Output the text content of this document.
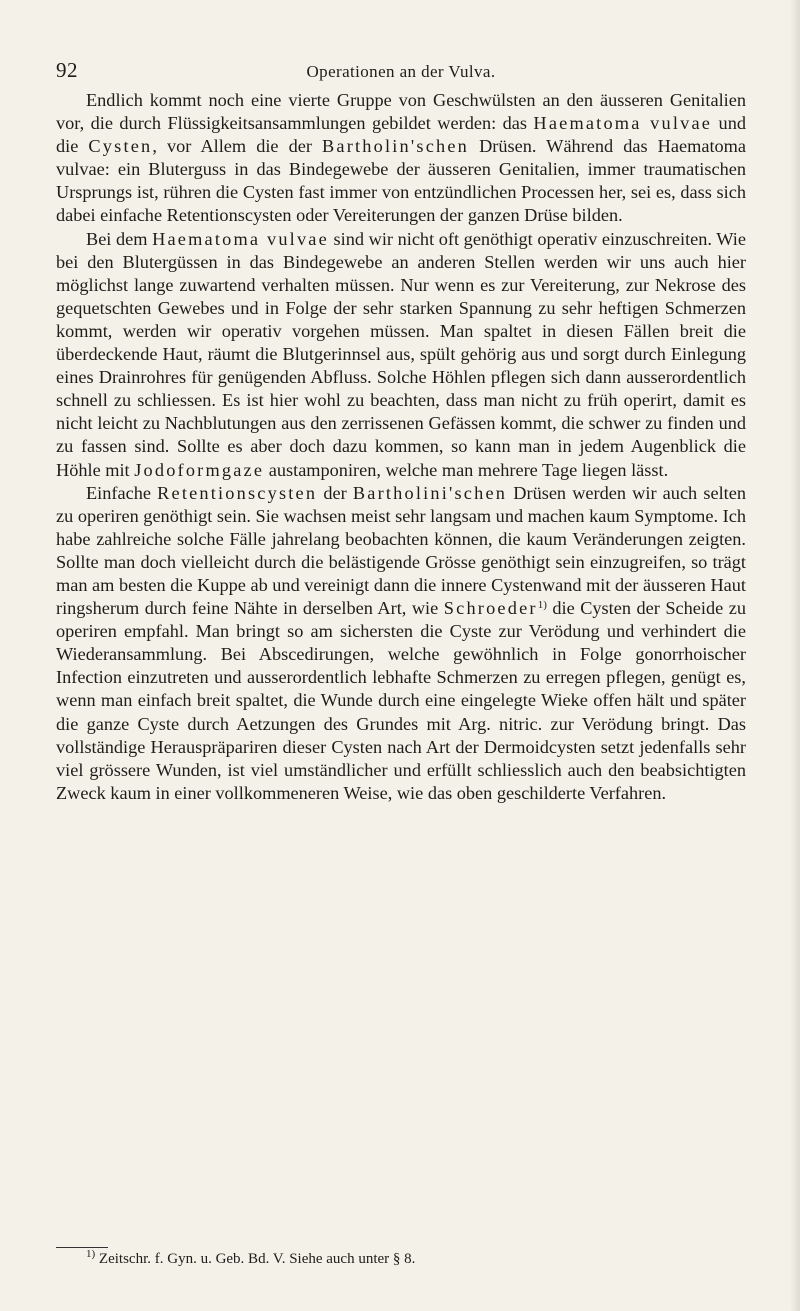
92	Operationen an der Vulva.

Endlich kommt noch eine vierte Gruppe von Geschwülsten an den äusseren Genitalien vor, die durch Flüssigkeitsansammlungen gebildet werden: das Haematoma vulvae und die Cysten, vor Allem die der Bartholin'schen Drüsen. Während das Haematoma vulvae: ein Bluterguss in das Bindegewebe der äusseren Genitalien, immer traumatischen Ursprungs ist, rühren die Cysten fast immer von entzündlichen Processen her, sei es, dass sich dabei einfache Retentionscysten oder Vereiterungen der ganzen Drüse bilden.

Bei dem Haematoma vulvae sind wir nicht oft genöthigt operativ einzuschreiten. Wie bei den Blutergüssen in das Bindegewebe an anderen Stellen werden wir uns auch hier möglichst lange zuwartend verhalten müssen. Nur wenn es zur Vereiterung, zur Nekrose des gequetschten Gewebes und in Folge der sehr starken Spannung zu sehr heftigen Schmerzen kommt, werden wir operativ vorgehen müssen. Man spaltet in diesen Fällen breit die überdeckende Haut, räumt die Blutgerinnsel aus, spült gehörig aus und sorgt durch Einlegung eines Drainrohres für genügenden Abfluss. Solche Höhlen pflegen sich dann ausserordentlich schnell zu schliessen. Es ist hier wohl zu beachten, dass man nicht zu früh operirt, damit es nicht leicht zu Nachblutungen aus den zerrissenen Gefässen kommt, die schwer zu finden und zu fassen sind. Sollte es aber doch dazu kommen, so kann man in jedem Augenblick die Höhle mit Jodoformgaze austamponiren, welche man mehrere Tage liegen lässt.

Einfache Retentionscysten der Bartholini'schen Drüsen werden wir auch selten zu operiren genöthigt sein. Sie wachsen meist sehr langsam und machen kaum Symptome. Ich habe zahlreiche solche Fälle jahrelang beobachten können, die kaum Veränderungen zeigten. Sollte man doch vielleicht durch die belästigende Grösse genöthigt sein einzugreifen, so trägt man am besten die Kuppe ab und vereinigt dann die innere Cystenwand mit der äusseren Haut ringsherum durch feine Nähte in derselben Art, wie Schroeder$^{1)}$ die Cysten der Scheide zu operiren empfahl. Man bringt so am sichersten die Cyste zur Verödung und verhindert die Wiederansammlung. Bei Abscedirungen, welche gewöhnlich in Folge gonorrhoischer Infection einzutreten und ausserordentlich lebhafte Schmerzen zu erregen pflegen, genügt es, wenn man einfach breit spaltet, die Wunde durch eine eingelegte Wieke offen hält und später die ganze Cyste durch Aetzungen des Grundes mit Arg. nitric. zur Verödung bringt. Das vollständige Herauspräpariren dieser Cysten nach Art der Dermoidcysten setzt jedenfalls sehr viel grössere Wunden, ist viel umständlicher und erfüllt schliesslich auch den beabsichtigten Zweck kaum in einer vollkommeneren Weise, wie das oben geschilderte Verfahren.

$^{1)}$ Zeitschr. f. Gyn. u. Geb. Bd. V. Siehe auch unter § 8.
